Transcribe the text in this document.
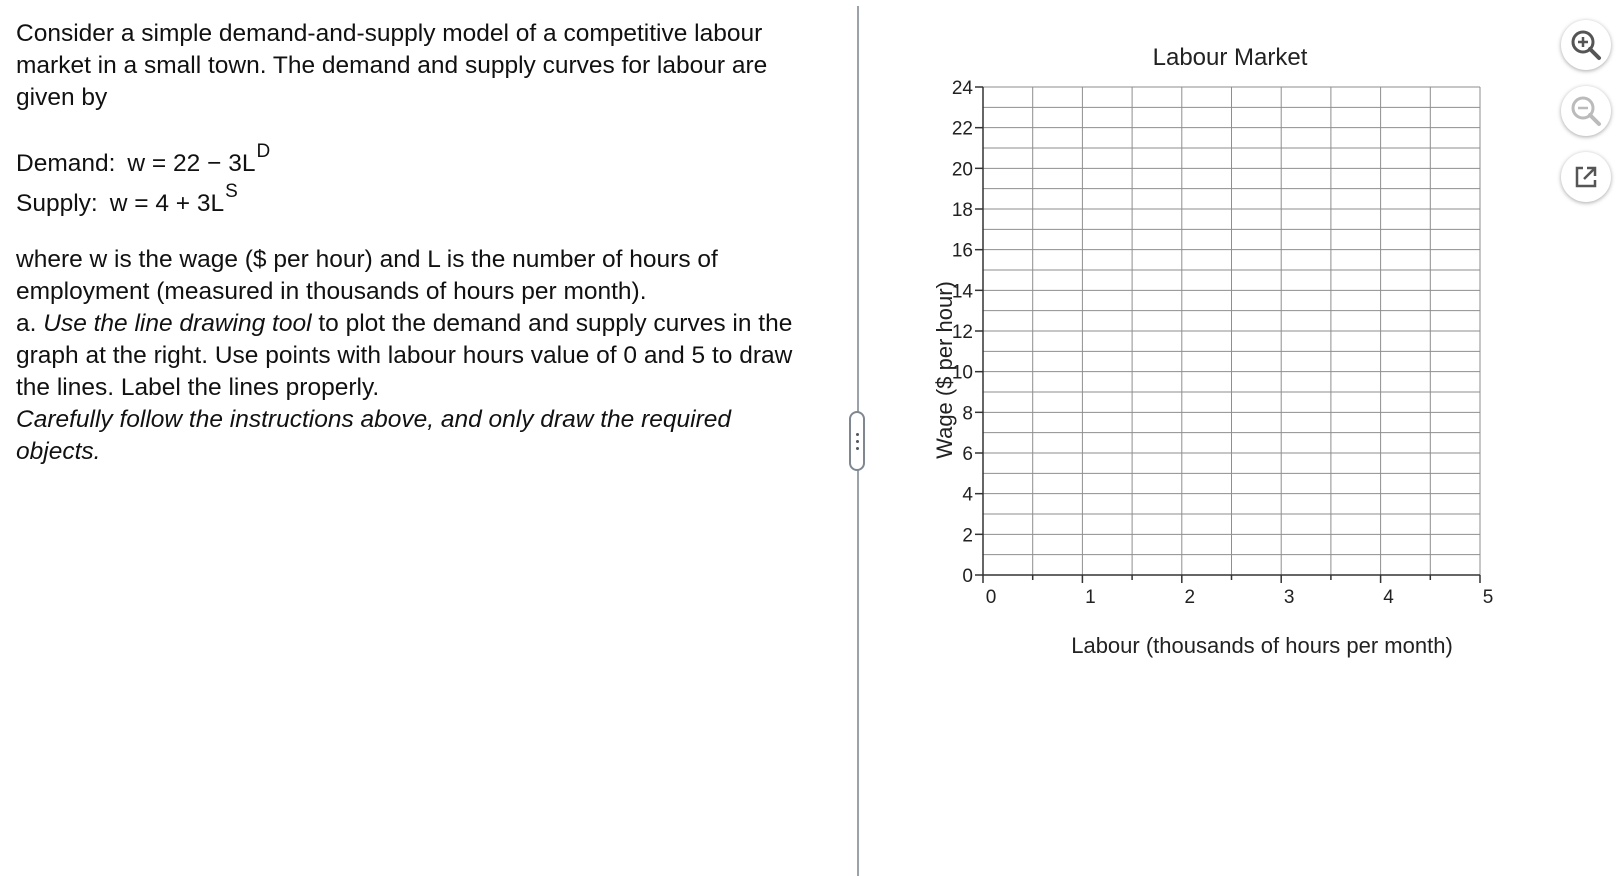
Consider a simple demand-and-supply model of a competitive labour market in a small town. The demand and supply curves for labour are given by

Demand: $w = 22 - 3L^D$
Supply: $w = 4 + 3L^S$

where w is the wage ($ per hour) and L is the number of hours of employment (measured in thousands of hours per month).

a. Use the line drawing tool to plot the demand and supply curves in the graph at the right. Use points with labour hours value of 0 and 5 to draw the lines. Label the lines properly.

Carefully follow the instructions above, and only draw the required objects.

Labour Market
0
2
4
6
8
10
12
14
16
18
20
22
24
0	1	2	3	4	5
Labour (thousands of hours per month)
Wage ($ per hour)
